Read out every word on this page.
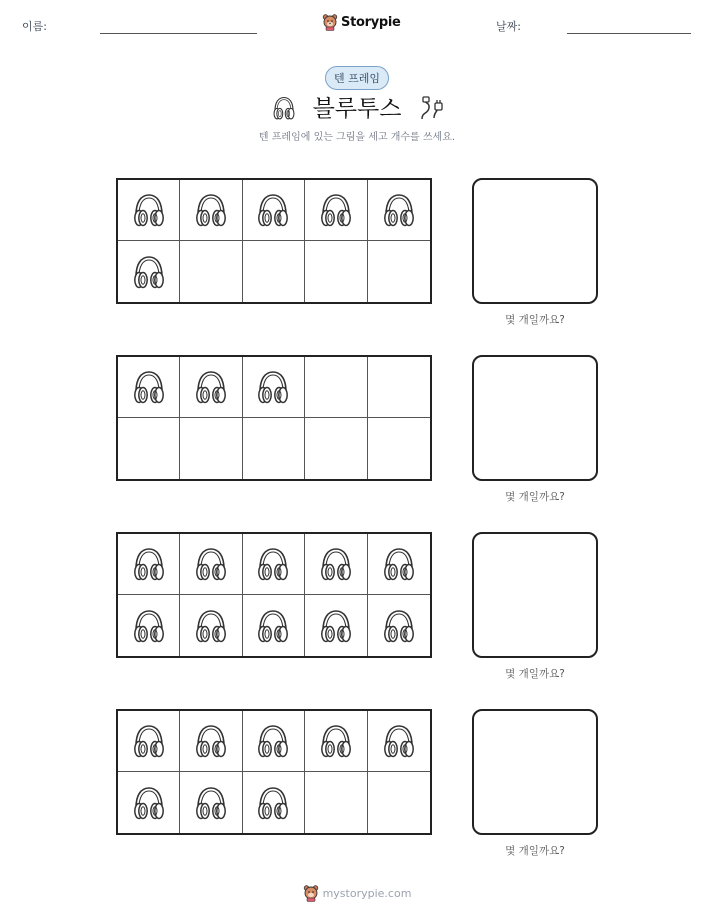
이름:	Storypie	날짜:
텐 프레임
블루투스
텐 프레임에 있는 그림을 세고 개수를 쓰세요.
몇 개일까요?
몇 개일까요?
몇 개일까요?
몇 개일까요?
mystorypie.com
